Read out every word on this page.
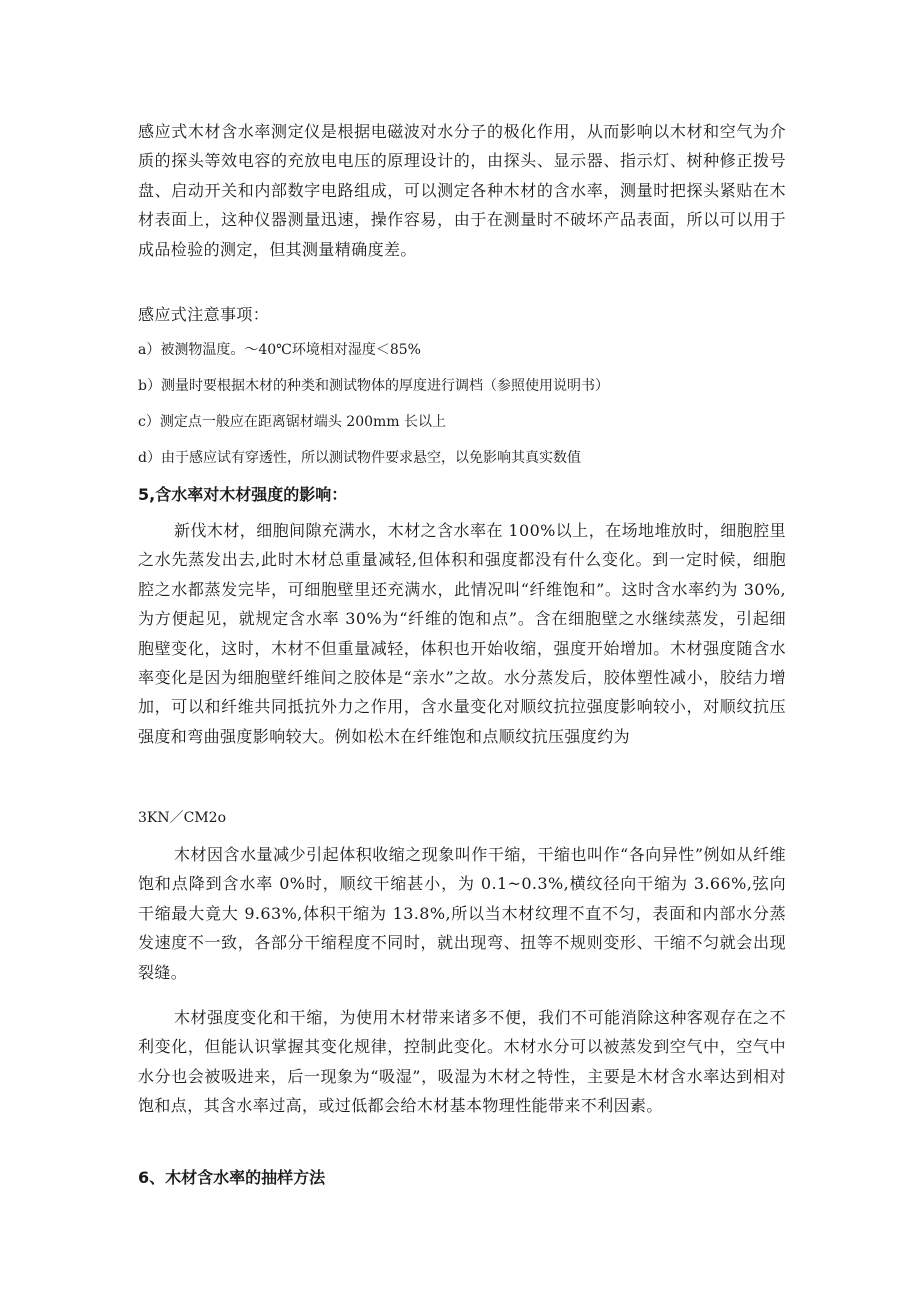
感应式木材含水率测定仪是根据电磁波对水分子的极化作用，从而影响以木材和空气为介质的探头等效电容的充放电电压的原理设计的，由探头、显示器、指示灯、树种修正拨号盘、启动开关和内部数字电路组成，可以测定各种木材的含水率，测量时把探头紧贴在木材表面上，这种仪器测量迅速，操作容易，由于在测量时不破坏产品表面，所以可以用于成品检验的测定，但其测量精确度差。

感应式注意事项：

a）被测物温度。～40℃环境相对湿度＜85%

b）测量时要根据木材的种类和测试物体的厚度进行调档（参照使用说明书）

c）测定点一般应在距离锯材端头 200mm 长以上

d）由于感应试有穿透性，所以测试物件要求悬空，以免影响其真实数值

5,含水率对木材强度的影响：

新伐木材，细胞间隙充满水，木材之含水率在 100%以上，在场地堆放时，细胞腔里之水先蒸发出去,此时木材总重量减轻,但体积和强度都没有什么变化。到一定时候，细胞腔之水都蒸发完毕，可细胞壁里还充满水，此情况叫“纤维饱和”。这时含水率约为 30%,为方便起见，就规定含水率 30%为“纤维的饱和点”。含在细胞壁之水继续蒸发，引起细胞壁变化，这时，木材不但重量减轻，体积也开始收缩，强度开始增加。木材强度随含水率变化是因为细胞壁纤维间之胶体是“亲水”之故。水分蒸发后，胶体塑性减小，胶结力增加，可以和纤维共同抵抗外力之作用，含水量变化对顺纹抗拉强度影响较小，对顺纹抗压强度和弯曲强度影响较大。例如松木在纤维饱和点顺纹抗压强度约为

3KN／CM2o

木材因含水量减少引起体积收缩之现象叫作干缩，干缩也叫作“各向异性”例如从纤维饱和点降到含水率 0%时，顺纹干缩甚小，为 0.1~0.3%,横纹径向干缩为 3.66%,弦向干缩最大竟大 9.63%,体积干缩为 13.8%,所以当木材纹理不直不匀，表面和内部水分蒸发速度不一致，各部分干缩程度不同时，就出现弯、扭等不规则变形、干缩不匀就会出现裂缝。

木材强度变化和干缩，为使用木材带来诸多不便，我们不可能消除这种客观存在之不利变化，但能认识掌握其变化规律，控制此变化。木材水分可以被蒸发到空气中，空气中水分也会被吸进来，后一现象为“吸湿”，吸湿为木材之特性，主要是木材含水率达到相对饱和点，其含水率过高，或过低都会给木材基本物理性能带来不利因素。

6、木材含水率的抽样方法
